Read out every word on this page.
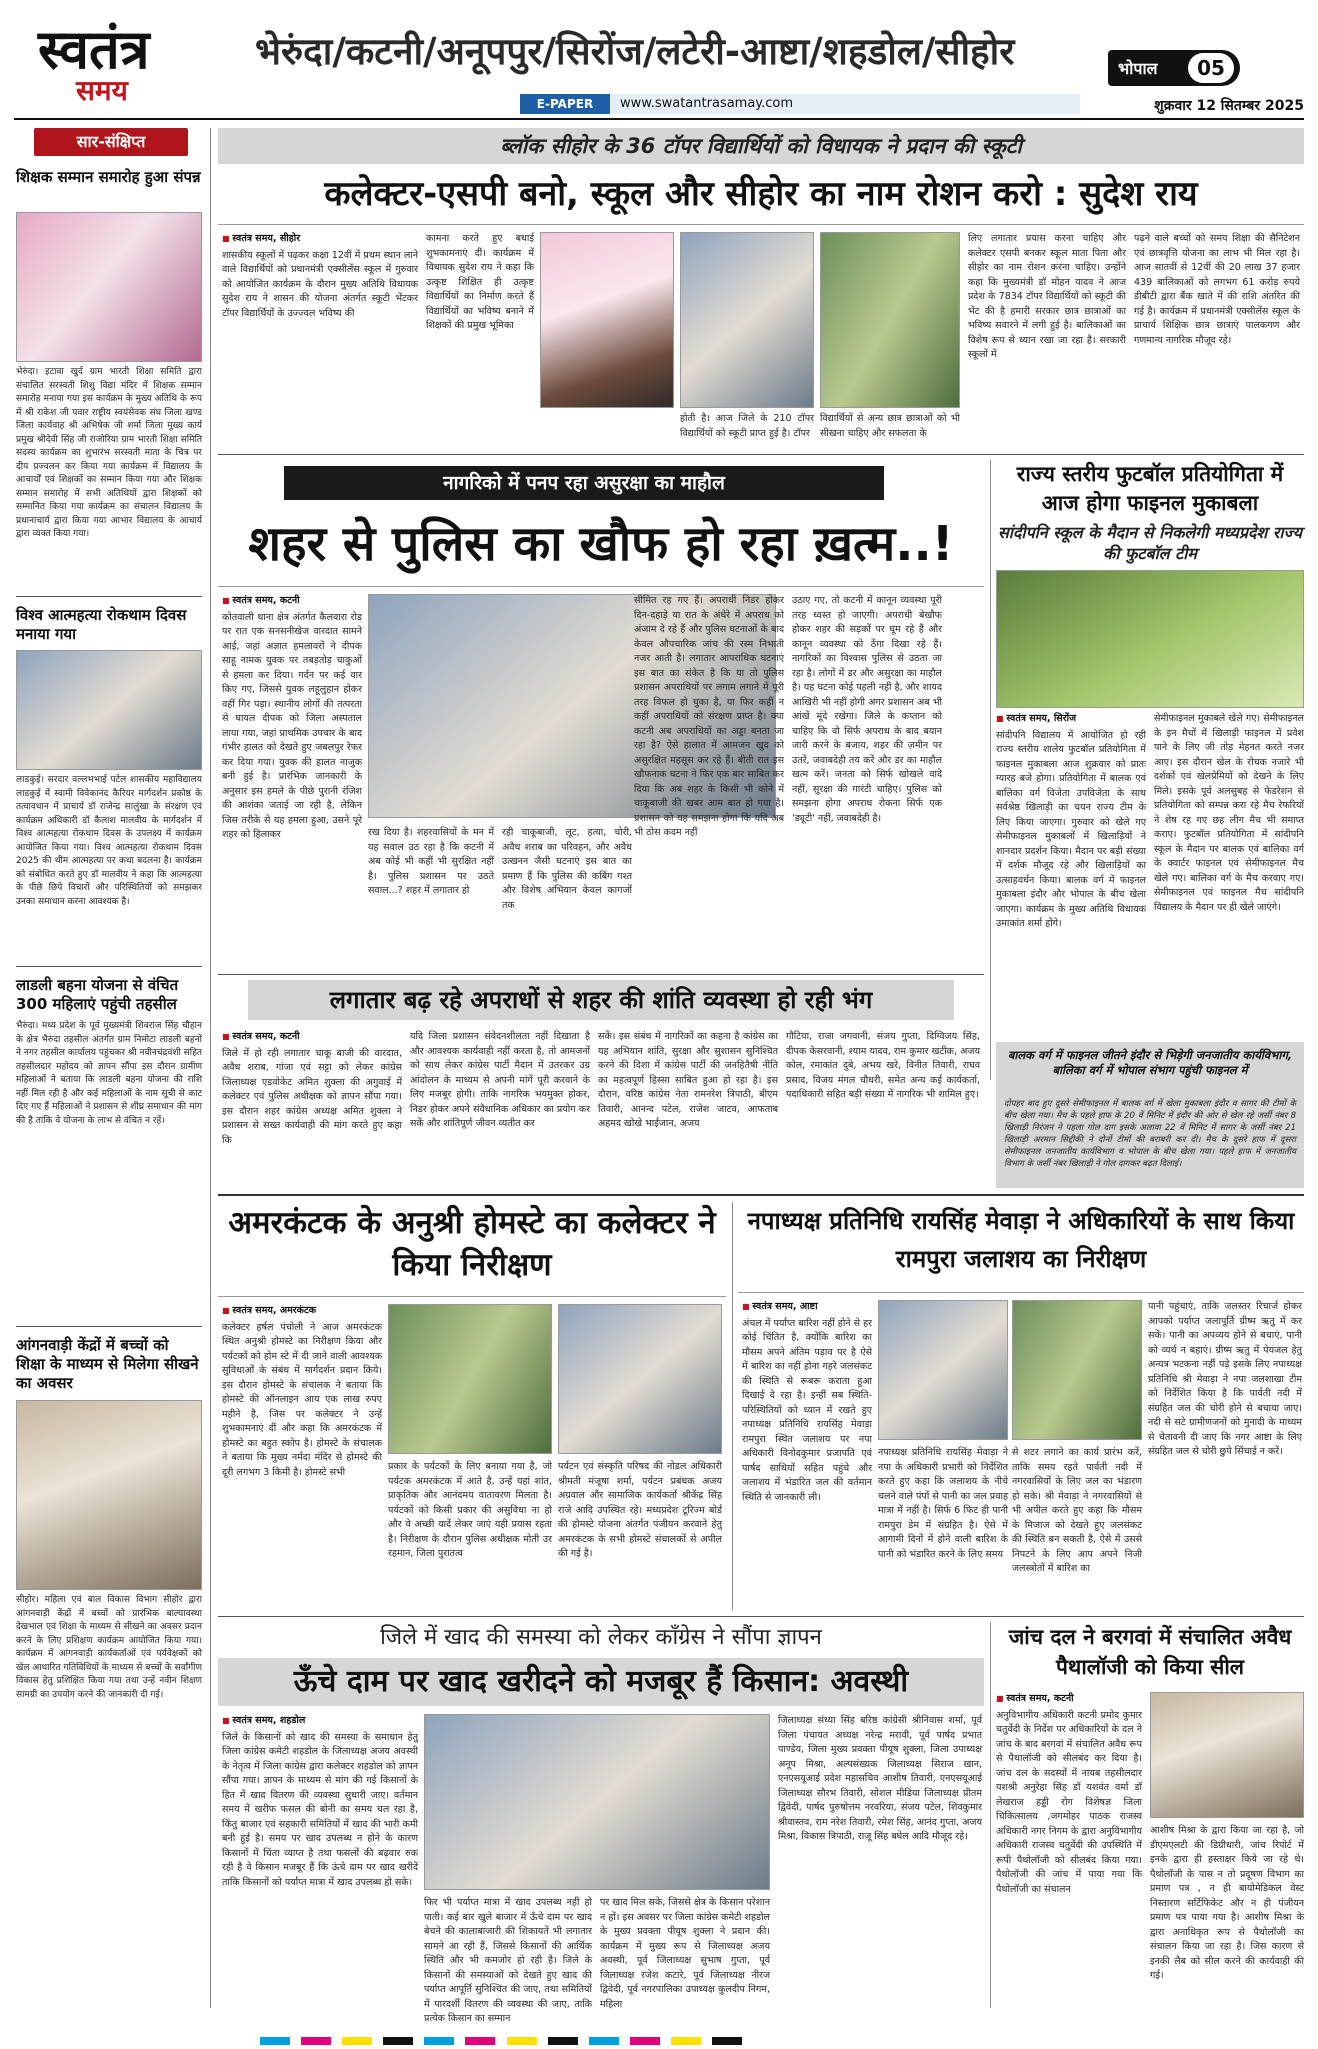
स्वतंत्र
समय
भेरुंदा/कटनी/अनूपपुर/सिरोंज/लटेरी-आष्टा/शहडोल/सीहोर	भोपाल	05
E-PAPER	www.swatantrasamay.com	शुक्रवार 12 सितम्बर 2025
सार-संक्षिप्त
शिक्षक सम्मान समारोह हुआ संपन्न
भेरुंदा। इटावा खुर्द ग्राम भारती शिक्षा समिति द्वारा संचालित सरस्वती शिशु विद्या मंदिर में शिक्षक सम्मान समारोह मनाया गया इस कार्यक्रम के मुख्य अतिथि के रूप में श्री राकेश जी पवार राष्ट्रीय स्वयंसेवक संघ जिला खण्ड जिला कार्यवाह श्री अभिषेक जी शर्मा जिला मुख्य कार्य प्रमुख श्रीदेवी सिंह जी राजोरिया ग्राम भारती शिक्षा समिति सदस्य कार्यक्रम का शुभारंभ सरस्वती माता के चित्र पर दीप प्रज्वलन कर किया गया कार्यक्रम में विद्यालय के आचार्यों एवं शिक्षकों का सम्मान किया गया और शिक्षक सम्मान समारोह में सभी अतिथियों द्वारा शिक्षकों को सम्मानित किया गया कार्यक्रम का संचालन विद्यालय के प्रधानाचार्य द्वारा किया गया आभार विद्यालय के आचार्य द्वारा व्यक्त किया गया।
विश्व आत्महत्या रोकथाम दिवस मनाया गया
लाडकुई। सरदार वल्लभभाई पटेल शासकीय महाविद्यालय लाडकुई में स्वामी विवेकानंद कैरियर मार्गदर्शन प्रकोष्ठ के तत्वावधान में प्राचार्य डॉ राजेन्द्र सालुंखा के संरक्षण एवं कार्यक्रम अधिकारी डॉ कैलाश मालवीय के मार्गदर्शन में विश्व आत्महत्या रोकथाम दिवस के उपलक्ष्य में कार्यक्रम आयोजित किया गया। विश्व आत्महत्या रोकथाम दिवस 2025 की थीम आत्महत्या पर कथा बदलना है। कार्यक्रम को संबोधित करते हुए डॉ मालवीय ने कहा कि आत्महत्या के पीछे छिपे विचारों और परिस्थितियों को समझकर उनका समाधान करना आवश्यक है।
लाडली बहना योजना से वंचित 300 महिलाएं पहुंची तहसील
भैरुंदा। मध्य प्रदेश के पूर्व मुख्यमंत्री शिवराज सिंह चौहान के क्षेत्र भैरुंदा तहसील अंतर्गत ग्राम निमोटा लाडली बहनों ने नगर तहसील कार्यालय पहुंचकर श्री नवीनचंद्रवंशी सहित तहसीलदार महोदय को ज्ञापन सौंपा इस दौरान ग्रामीण महिलाओं ने बताया कि लाडली बहना योजना की राशि नहीं मिल रही है और कई महिलाओं के नाम सूची से काट दिए गए हैं महिलाओं ने प्रशासन से शीघ्र समाधान की मांग की है ताकि वे योजना के लाभ से वंचित न रहें।
आंगनवाड़ी केंद्रों में बच्चों को शिक्षा के माध्यम से मिलेगा सीखने का अवसर
सीहोर। महिला एवं बाल विकास विभाग सीहोर द्वारा आंगनवाड़ी केंद्रों में बच्चों को प्रारंभिक बाल्यावस्था देखभाल एवं शिक्षा के माध्यम से सीखने का अवसर प्रदान करने के लिए प्रशिक्षण कार्यक्रम आयोजित किया गया। कार्यक्रम में आंगनवाड़ी कार्यकर्ताओं एवं पर्यवेक्षकों को खेल आधारित गतिविधियों के माध्यम से बच्चों के सर्वांगीण विकास हेतु प्रशिक्षित किया गया तथा उन्हें नवीन शिक्षण सामग्री का उपयोग करने की जानकारी दी गई।
ब्लॉक सीहोर के 36 टॉपर विद्यार्थियों को विधायक ने प्रदान की स्कूटी
कलेक्टर-एसपी बनो, स्कूल और सीहोर का नाम रोशन करो : सुदेश राय
■ स्वतंत्र समय, सीहोर
शासकीय स्कूलों में पढ़कर कक्षा 12वीं में प्रथम स्थान लाने वाले विद्यार्थियों को प्रधानमंत्री एक्सीलेंस स्कूल में गुरुवार को आयोजित कार्यक्रम के दौरान मुख्य अतिथि विधायक सुदेश राय ने शासन की योजना अंतर्गत स्कूटी भेंटकर टॉपर विद्यार्थियों के उज्ज्वल भविष्य की
कामना करते हुए बधाई शुभकामनाएं दीं। कार्यक्रम में विधायक सुदेश राय ने कहा कि उत्कृष्ट शिक्षित ही उत्कृष्ट विद्यार्थियों का निर्माण करते हैं विद्यार्थियों का भविष्य बनाने में शिक्षकों की प्रमुख भूमिका
होती है। आज जिले के 210 टॉपर विद्यार्थियों को स्कूटी प्राप्त हुई है। टॉपर
विद्यार्थियों से अन्य छात्र छात्राओं को भी सीखना चाहिए और सफलता के
लिए लगातार प्रयास करना चाहिए और कलेक्टर एसपी बनकर स्कूल माता पिता और सीहोर का नाम रोशन करना चाहिए। उन्होंने कहा कि मुख्यमंत्री डॉ मोहन यादव ने आज प्रदेश के 7834 टॉपर विद्यार्थियों को स्कूटी की भेंट की है हमारी सरकार छात्र छात्राओं का भविष्य सवारने में लगी हुई है। बालिकाओं का विशेष रूप से ध्यान रखा जा रहा है। सरकारी स्कूलों में
पढ़ने वाले बच्चों को समय शिक्षा की सैनिटेशन एवं छात्रवृत्ति योजना का लाभ भी मिल रहा है। आज सातवीं से 12वीं की 20 लाख 37 हजार 439 बालिकाओं को लगभग 61 करोड़ रुपये डीबीटी द्वारा बैंक खाते में की राशि अंतरित की गई है। कार्यक्रम में प्रधानमंत्री एक्सीलेंस स्कूल के प्राचार्य शिक्षिक छात्र छात्राएं पालकगण और गणमान्य नागरिक मौजूद रहे।
नागरिको में पनप रहा असुरक्षा का माहौल
शहर से पुलिस का खौफ हो रहा ख़त्म..!
■ स्वतंत्र समय, कटनी
कोतवाली थाना क्षेत्र अंतर्गत कैलवारा रोड पर रात एक सनसनीखेज वारदात सामने आई, जहां अज्ञात हमलावरों ने दीपक साहू नामक युवक पर तबड़तोड़ चाकुओं से हमला कर दिया। गर्दन पर कई वार किए गए, जिससे युवक लहूलुहान होकर वहीं गिर पड़ा। स्थानीय लोगों की तत्परता से घायल दीपक को जिला अस्पताल लाया गया, जहां प्राथमिक उपचार के बाद गंभीर हालत को देखते हुए जबलपुर रेफर कर दिया गया। युवक की हालत नाजुक बनी हुई है। प्रारंभिक जानकारी के अनुसार इस हमले के पीछे पुरानी रंजिश की आशंका जताई जा रही है, लेकिन जिस तरीके से यह हमला हुआ, उसने पूरे शहर को हिलाकर	रख दिया है। शहरवासियों के मन में यह सवाल उठ रहा है कि कटनी में अब कोई भी कहीं भी सुरक्षित नहीं है। पुलिस प्रशासन पर उठते सवाल...? शहर में लगातार हो
रही चाकूबाजी, लूट, हत्या, चोरी, अवैध शराब का परिवहन, और अवैध उत्खनन जैसी घटनाएं इस बात का प्रमाण हैं कि पुलिस की कबिंग गश्त और विशेष अभियान केवल कागजों तक
सीमित रह गए हैं। अपराधी निडर होकर दिन-दहाड़े या रात के अंधेरे में अपराध को अंजाम दे रहे हैं और पुलिस घटनाओं के बाद केवल औपचारिक जांच की रस्म निभाती नजर आती है। लगातार आपराधिक घटनाएं इस बात का संकेत है कि या तो पुलिस प्रशासन अपराधियों पर लगाम लगाने में पूरी तरह विफल हो चुका है, या फिर कहीं न कहीं अपराधियों को संरक्षण प्राप्त है। क्या कटनी अब अपराधियों का अड्डा बनता जा रहा है? ऐसे हालात में आमजन खुद को असुरक्षित महसूस कर रहे हैं। बीती रात इस खौफनाक घटना ने फिर एक बार साबित कर दिया कि अब शहर के किसी भी कोने में चाकूबाजी की खबर आम बात हो गया है। प्रशासन को यह समझना होगा कि यदि अब भी ठोस कदम नहीं
उठाए गए, तो कटनी में कानून व्यवस्था पूरी तरह ध्वस्त हो जाएगी। अपराधी बेखौफ होकर शहर की सड़कों पर घूम रहे हैं और कानून व्यवस्था को ठेंगा दिखा रहे हैं। नागरिकों का विश्वास पुलिस से उठता जा रहा है। लोगों में डर और असुरक्षा का माहौल है। यह घटना कोई पहली नहीं है, और शायद आखिरी भी नहीं होगी अगर प्रशासन अब भी आंखें मूंदे रखेगा। जिले के कप्तान को चाहिए कि वो सिर्फ अपराध के बाद बयान जारी करने के बजाय, शहर की ज़मीन पर उतरें, जवाबदेही तय करें और डर का माहौल खत्म करें। जनता को सिर्फ खोखले वादे नहीं, सुरक्षा की गारंटी चाहिए। पुलिस को समझना होगा अपराध रोकना सिर्फ एक 'ड्यूटी' नहीं, जवाबदेही है।
राज्य स्तरीय फुटबॉल प्रतियोगिता में आज होगा फाइनल मुकाबला
सांदीपनि स्कूल के मैदान से निकलेगी मध्यप्रदेश राज्य की फुटबॉल टीम
■ स्वतंत्र समय, सिरोंज
सांदीपनि विद्यालय में आयोजित हो रही राज्य स्तरीय शालेय फुटबॉल प्रतियोगिता में फाइनल मुकाबला आज शुक्रवार को प्रातः ग्यारह बजे होगा। प्रतियोगिता में बालक एवं बालिका वर्ग विजेता उपविजेता के साथ सर्वश्रेष्ठ खिलाड़ी का चयन राज्य टीम के लिए किया जाएगा। गुरुवार को खेले गए सेमीफाइनल मुकाबलों में खिलाड़ियों ने शानदार प्रदर्शन किया। मैदान पर बड़ी संख्या में दर्शक मौजूद रहे और खिलाड़ियों का उत्साहवर्धन किया। बालक वर्ग में फाइनल मुकाबला इंदौर और भोपाल के बीच खेला जाएगा। कार्यक्रम के मुख्य अतिथि विधायक उमाकांत शर्मा होंगे।
सेमीफाइनल मुकाबले खेले गए। सेमीफाइनल के इन मैचों में खिलाड़ी फाइनल में प्रवेश पाने के लिए जी तोड़ मेहनत करते नजर आए। इस दौरान खेल के रोचक नजारे भी दर्शकों एवं खेलप्रेमियों को देखने के लिए मिले। इसके पूर्व अलसुबह से फेडरेशन से प्रतियोगिता को सम्पन्न करा रहे मैच रेफरियों ने शेष रह गए छह लीग मैच भी समाप्त कराए। फुटबॉल प्रतियोगिता में सांदीपनि स्कूल के मैदान पर बालक एवं बालिका वर्ग के क्वार्टर फाइनल एवं सेमीफाइनल मैच खेले गए। बालिका वर्ग के मैच करवाए गए। सेमीफाइनल एवं फाइनल मैच सांदीपनि विद्यालय के मैदान पर ही खेले जाएंगे।
बालक वर्ग में फाइनल जीतने इंदौर से भिड़ेगी जनजातीय कार्यविभाग, बालिका वर्ग में भोपाल संभाग पहुंची फाइनल में
दोपहर बाद हुए दूसरे सेमीफाइनल में बालक वर्ग में खेला मुकाबला इंदौर व सागर की टीमों के बीच खेला गया। मैच के पहले हाफ के 20 वें मिनिट में इंदौर की ओर से खेल रहे जर्सी नंबर 8 खिलाड़ी निरंजन ने पहला गोल दाग इसके अलावा 22 वें मिनिट में सागर के जर्सी नंबर 21 खिलाड़ी अरमान सिद्दीकी ने दोनों टीमों की बराबरी कर दी। मैच के दूसरे हाफ में दूसरा सेमीफाइनल जनजातीय कार्यविभाग व भोपाल के बीच खेला गया। पहले हाफ में जनजातीय विभाग के जर्सी नंबर खिलाड़ी ने गोल दागकर बढ़त दिलाई।
लगातार बढ़ रहे अपराधों से शहर की शांति व्यवस्था हो रही भंग
■ स्वतंत्र समय, कटनी
जिले में हो रही लगातार चाकू बाजी की वारदात, अवैध शराब, गांजा एवं सट्टा को लेकर कांग्रेस जिलाध्यक्ष एडवोकेट अमित शुक्ला की अगुवाई में कलेक्टर एवं पुलिस अधीक्षक को ज्ञापन सौंपा गया। इस दौरान शहर कांग्रेस अध्यक्ष अमित शुक्ला ने प्रशासन से सख्त कार्यवाही की मांग करते हुए कहा कि
यदि जिला प्रशासन संवेदनशीलता नहीं दिखाता है और आवश्यक कार्यवाही नहीं करता है, तो आमजनों को साथ लेकर कांग्रेस पार्टी मैदान में उतरकर उग्र आंदोलन के माध्यम से अपनी मांगें पूरी करवाने के लिए मजबूर होगी। ताकि नागरिक भयमुक्त होकर, निडर होकर अपने संवैधानिक अधिकार का प्रयोग कर सकें और शांतिपूर्ण जीवन व्यतीत कर
सकें। इस संबंध में नागरिकों का कहना है कांग्रेस का यह अभियान शांति, सुरक्षा और सुशासन सुनिश्चित करने की दिशा में कांग्रेस पार्टी की जनहितैषी नीति का महत्वपूर्ण हिस्सा साबित हुआ हो रहा है। इस दौरान, वरिष्ठ कांग्रेस नेता रामनरेश त्रिपाठी, बीएम तिवारी, आनन्द पटेल, राजेश जाटव, आफताब अहमद खोखे भाईजान, अजय
गौटिया, राजा जगवानी, संजय गुप्ता, दिग्विजय सिंह, दीपक केसरवानी, श्याम यादव, राम कुमार खटीक, अजय कोल, रमाकांत दुबे, अभय खरे, विनीत तिवारी, राघव प्रसाद, विजय मंगल चौधरी, समेत अन्य कई कार्यकर्ता, पदाधिकारी सहित बड़ी संख्या में नागरिक भी शामिल हुए।
अमरकंटक के अनुश्री होमस्टे का कलेक्टर ने किया निरीक्षण
■ स्वतंत्र समय, अमरकंटक
कलेक्टर हर्षल पंचोली ने आज अमरकंटक स्थित अनुश्री होमस्टे का निरीक्षण किया और पर्यटकों को होम स्टे में दी जाने वाली आवश्यक सुविधाओं के संबंध में मार्गदर्शन प्रदान किये। इस दौरान होमस्टे के संचालक ने बताया कि होमस्टे की ऑनलाइन आय एक लाख रुपए महीने है, जिस पर कलेक्टर ने उन्हें शुभकामनाएं दीं और कहा कि अमरकंटक में होमस्टे का बहुत स्कोप है। होमस्टे के संचालक ने बताया कि मुख्य नर्मदा मंदिर से होमस्टे की दूरी लगभग 3 किमी है। होमस्टे सभी	प्रकार के पर्यटकों के लिए बनाया गया है, जो पर्यटक अमरकंटक में आते है, उन्हें यहां शांत, प्राकृतिक और आनंदमय वातावरण मिलता है। पर्यटकों को किसी प्रकार की असुविधा ना हो और वे अच्छी यादें लेकर जाएं यही प्रयास रहता है। निरीक्षण के दौरान पुलिस अधीक्षक मोती उर रहमान, जिला पुरातत्व
पर्यटन एवं संस्कृति परिषद की नोडल अधिकारी श्रीमती मंजूषा शर्मा, पर्यटन प्रबंधक अजय अग्रवाल और सामाजिक कार्यकर्ता श्रीकेंद्र सिंह राजे आदि उपस्थित रहे। मध्यप्रदेश टूरिज्म बोर्ड की होमस्टे योजना अंतर्गत पंजीयन करवाने हेतु अमरकंटक के सभी होमस्टे संचालकों से अपील की गई है।
नपाध्यक्ष प्रतिनिधि रायसिंह मेवाड़ा ने अधिकारियों के साथ किया रामपुरा जलाशय का निरीक्षण
■ स्वतंत्र समय, आष्टा
अंचल में पर्याप्त बारिश नहीं होने से हर कोई चिंतित है, क्योंकि बारिश का मौसम अपने अंतिम पड़ाव पर है ऐसे में बारिश का नहीं होना गहरे जलसंकट की स्थिति से रूबरू कराता हुआ दिखाई दे रहा है। इन्हीं सब स्थिति-परिस्थितियों को ध्यान में रखते हुए नपाध्यक्ष प्रतिनिधि रायसिंह मेवाड़ा रामपुरा स्थित जलाशय पर नपा अधिकारी विनोदकुमार प्रजापति एवं पार्षद साथियों सहित पहुंचे और जलाशय में भंडारित जल की वर्तमान स्थिति से जानकारी ली।
नपाध्यक्ष प्रतिनिधि रायसिंह मेवाड़ा ने नपा के अधिकारी प्रभारी को निर्देशित करते हुए कहा कि जलाशय के नीचे चलने वाले पंपों से पानी का जल प्रवाह मात्रा में नहीं है। सिर्फ 6 फिट ही पानी रामपुरा डेम में संग्रहित है। ऐसे में आगामी दिनों में होने वाली बारिश के पानी को भंडारित करने के लिए समय
से शटर लगाने का कार्य प्रारंभ करें, ताकि समय रहते पार्वती नदी में नगरवासियों के लिए जल का भंडारण हो सके। श्री मेवाड़ा ने नगरवासियों से भी अपील करते हुए कहा कि मौसम के मिजाज को देखते हुए जलसंकट की स्थिति बन सकती है, ऐसे में उससे निपटने के लिए आप अपने निजी जलस्त्रोतों में बारिश का
पानी पहुंचाएं, ताकि जलस्तर रिचार्ज होकर आपको पर्याप्त जलापूर्ति ग्रीष्म ऋतु में कर सकें। पानी का अपव्यय होने से बचाएं, पानी को व्यर्थ न बहाएं। ग्रीष्म ऋतु में पेयजल हेतु अन्यत्र भटकना नहीं पड़े इसके लिए नपाध्यक्ष प्रतिनिधि श्री मेवाड़ा ने नपा जलशाखा टीम को निर्देशित किया है कि पार्वती नदी में संग्रहित जल की चोरी होने से बचाया जाए। नदी से सटे ग्रामीणजनों को मुनादी के माध्यम से चेतावनी दी जाए कि नगर आष्टा के लिए संग्रहित जल से चोरी छुपे सिंचाई न करें।
जिले में खाद की समस्या को लेकर कॉंग्रेस ने सौंपा ज्ञापन
ऊँचे दाम पर खाद खरीदने को मजबूर हैं किसान: अवस्थी
■ स्वतंत्र समय, शहडोल
जिले के किसानों को खाद की समस्या के समाधान हेतु जिला कांग्रेस कमेटी शहडोल के जिलाध्यक्ष अजय अवस्थी के नेतृत्व में जिला कांग्रेस द्वारा कलेक्टर शहडोल को ज्ञापन सौंपा गया। ज्ञापन के माध्यम से मांग की गई किसानों के हित में खाद वितरण की व्यवस्था सुधारी जाए। वर्तमान समय में खरीफ फसल की बोनी का समय चल रहा है, किंतु बाजार एवं सहकारी समितियों में खाद की भारी कमी बनी हुई है। समय पर खाद उपलब्ध न होने के कारण किसानों में चिंता व्याप्त है तथा फसलों की बढ़वार रुक रही है वे किसान मजबूर हैं कि ऊंचे दाम पर खाद खरीदें ताकि किसानों को पर्याप्त मात्रा में खाद उपलब्ध हो सके।
फिर भी पर्याप्त मात्रा में खाद उपलब्ध नहीं हो पाती। कई बार खुले बाजार में ऊँचे दाम पर खाद बेचने की कालाबाजारी की शिकायतें भी लगातार सामने आ रही हैं, जिससे किसानों की आर्थिक स्थिति और भी कमजोर हो रही है। जिले के किसानों की समस्याओं को देखते हुए खाद की पर्याप्त आपूर्ति सुनिश्चित की जाए, तथा समितियों में पारदर्शी वितरण की व्यवस्था की जाए, ताकि प्रत्येक किसान का सम्मान
पर खाद मिल सके, जिससे क्षेत्र के किसान परेशान न हों। इस अवसर पर जिला कांग्रेस कमेटी शहडोल के मुख्य प्रवक्ता पीयूष शुक्ला ने प्रदान की। कार्यक्रम में मुख्य रूप से जिलाध्यक्ष अजय अवस्थी, पूर्व जिलाध्यक्ष सुभाष गुप्ता, पूर्व जिलाध्यक्ष रजेश कटारे, पूर्व जिलाध्यक्ष नीरज द्विवेदी, पूर्व नगरपालिका उपाध्यक्ष कुलदीप निगम, महिला
जिलाध्यक्ष संध्या सिंह बरिष्ठ कांग्रेसी श्रीनिवास शर्मा, पूर्व जिला पंचायत अध्यक्ष नरेन्द्र मरावी, पूर्व पार्षद प्रभात पाण्डेय, जिला मुख्य प्रवक्ता पीयूष शुक्ला, जिला उपाध्यक्ष अनूप मिश्रा, अल्पसंख्यक जिलाध्यक्ष सिराज खान, एनएसयूआई प्रदेश महासचिव आशीष तिवारी, एनएसयूआई जिलाध्यक्ष सौरभ तिवारी, सोशल मीडिया जिलाध्यक्ष प्रीतम द्विवेदी, पार्षद पुरुषोत्तम नरवरिया, संजय पटेल, शिवकुमार श्रीवास्तव, राम नरेश तिवारी, रमेश सिंह, आनंद गुप्ता, अजय मिश्रा, विकास त्रिपाठी, राजू सिंह बघेल आदि मौजूद रहे।
जांच दल ने बरगवां में संचालित अवैध पैथालॉजी को किया सील
■ स्वतंत्र समय, कटनी
अनुविभागीय अधिकारी कटनी प्रमोद कुमार चतुर्वेदी के निर्देश पर अधिकारियों के दल ने जांच के बाद बरगवां में संचालित अवैध रूप से पैथालॉजी को सीलबंद कर दिया है। जांच दल के सदस्यों में नायब तहसीलदार यशश्री अनुरेहा सिंह डॉ यशवंत वर्मा डॉ लेखराज हड्डी रोग विशेषज्ञ जिला चिकित्सालय ,जगमोहर पाठक राजस्व अधिकारी नगर निगम के द्वारा अनुविभागीय अधिकारी राजस्व चतुर्वेदी की उपस्थिति में रूपी पैथोलॉजी को सीलबंद किया गया। पैथोलॉजी की जांच में पाया गया कि पैथोलॉजी का संचालन
आशीष मिश्रा के द्वारा किया जा रहा है, जो डीएमएलटी की डिग्रीधारी, जांच रिपोर्ट में इनके द्वारा ही हस्ताक्षर किये जा रहे थे। पैथोलॉजी के पास न तो प्रदूषण विभाग का प्रमाण पत्र , न ही बायोमेडिकल वेस्ट निस्तारण सर्टिफिकेट और न ही पंजीयन प्रमाण पत्र पाया गया है। आशीष मिश्रा के द्वारा अनाधिकृत रूप से पैथोलॉजी का संचालन किया जा रहा है। जिस कारण से इनकी लैब को सील करने की कार्यवाही की गई।
